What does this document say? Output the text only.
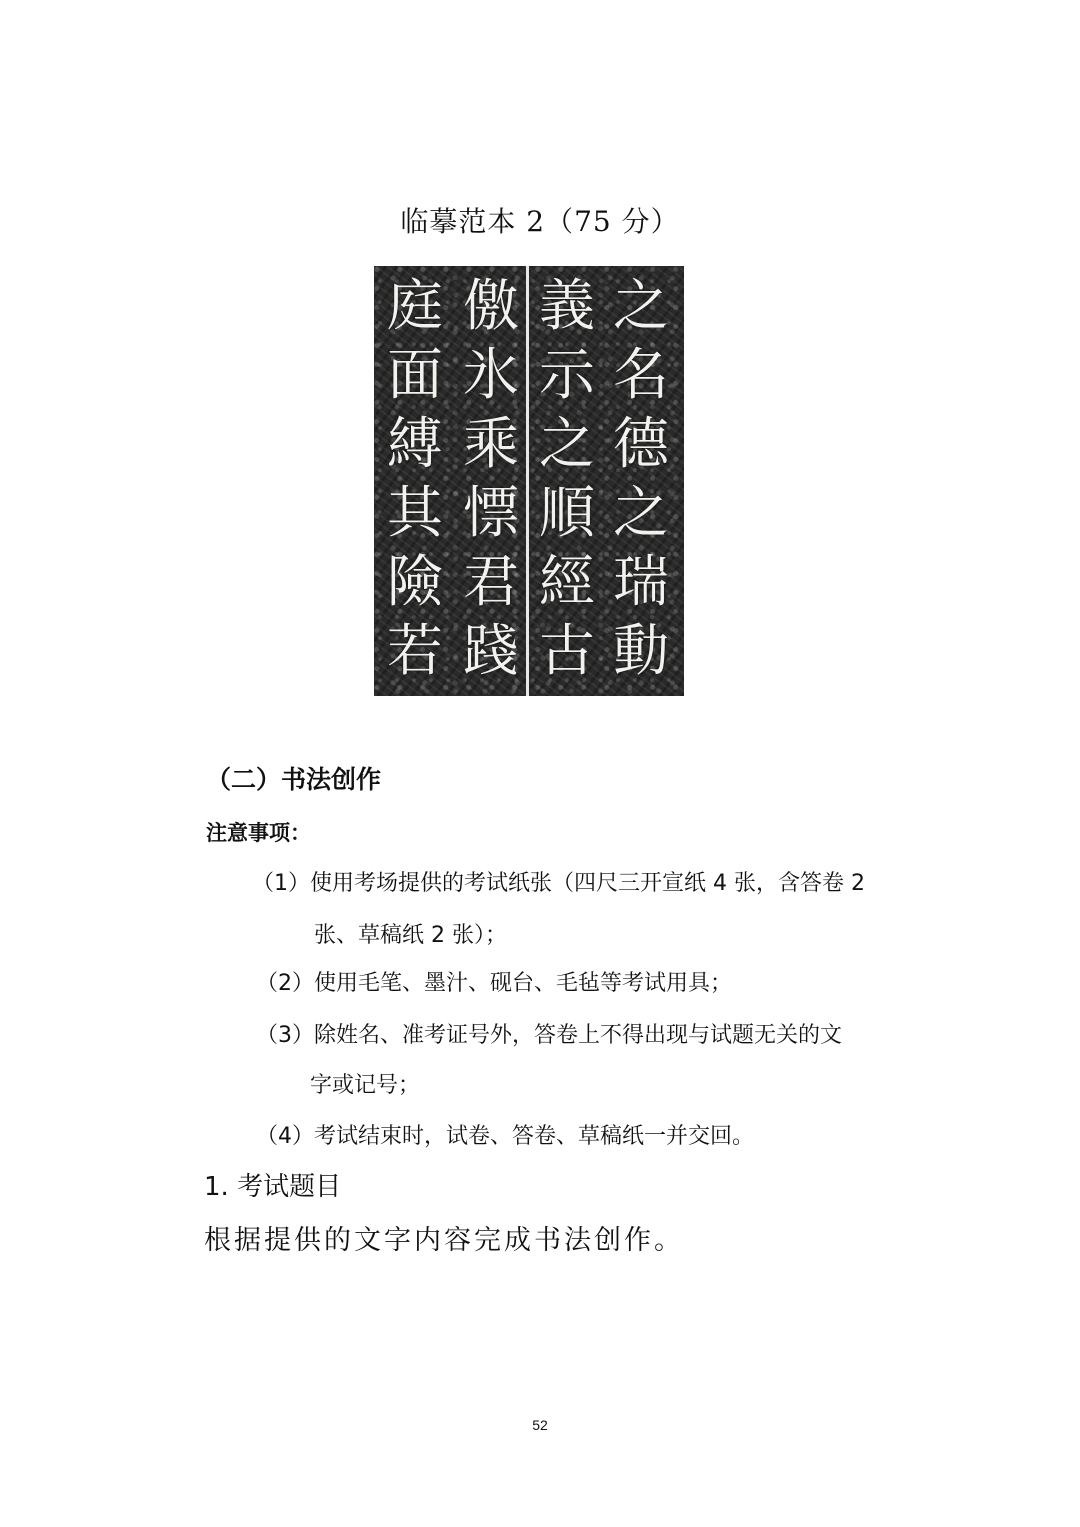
临摹范本 2（75 分）
之
名
德
之
瑞
動
義
示
之
順
經
古
儌
氷
乘
慓
君
踐
庭
面
縛
其
險
若
（二）书法创作
注意事项：
（1）使用考场提供的考试纸张（四尺三开宣纸 4 张，含答卷 2
张、草稿纸 2 张）；
（2）使用毛笔、墨汁、砚台、毛毡等考试用具；
（3）除姓名、准考证号外，答卷上不得出现与试题无关的文
字或记号；
（4）考试结束时，试卷、答卷、草稿纸一并交回。
1. 考试题目
根据提供的文字内容完成书法创作。
52
